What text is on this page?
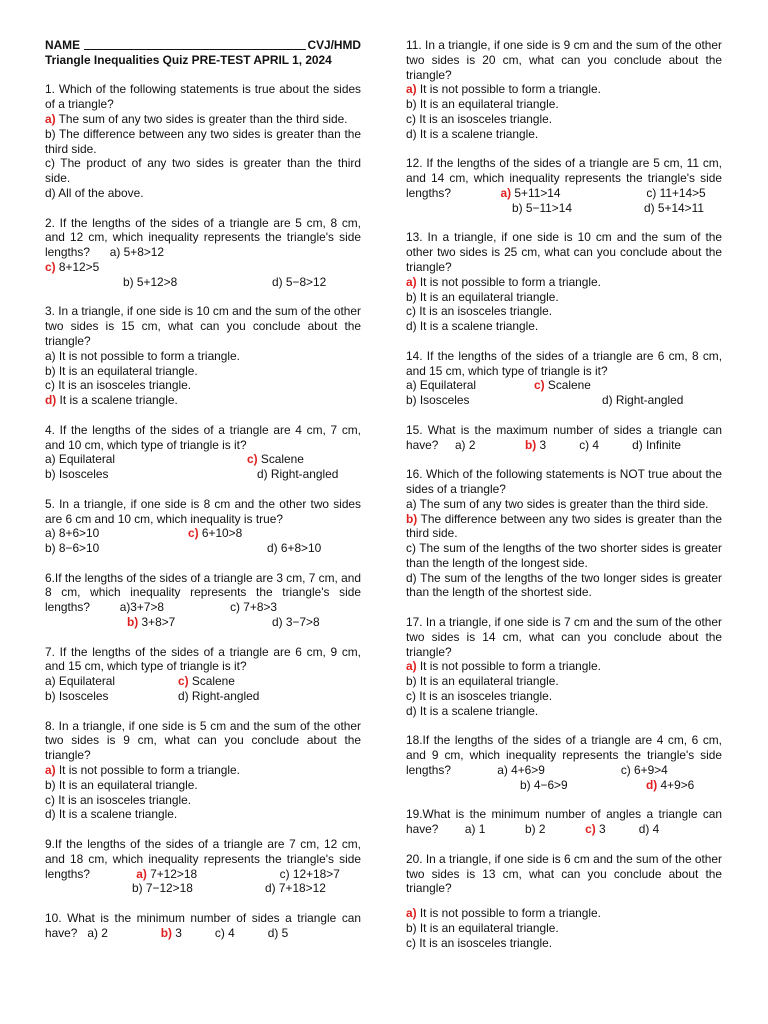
NAME	CVJ/HMD
Triangle Inequalities Quiz PRE-TEST APRIL 1, 2024
1. Which of the following statements is true about the sides of a triangle?
a) The sum of any two sides is greater than the third side.
b) The difference between any two sides is greater than the third side.
c) The product of any two sides is greater than the third side.
d) All of the above.
2. If the lengths of the sides of a triangle are 5 cm, 8 cm, and 12 cm, which inequality represents the triangle's side lengths? a) 5+8>12
c) 8+12>5
b) 5+12>8	d) 5−8>12
3. In a triangle, if one side is 10 cm and the sum of the other two sides is 15 cm, what can you conclude about the triangle?
a) It is not possible to form a triangle.
b) It is an equilateral triangle.
c) It is an isosceles triangle.
d) It is a scalene triangle.
4. If the lengths of the sides of a triangle are 4 cm, 7 cm, and 10 cm, which type of triangle is it?
a) Equilateral	c) Scalene
b) Isosceles	d) Right-angled
5. In a triangle, if one side is 8 cm and the other two sides are 6 cm and 10 cm, which inequality is true?
a) 8+6>10	c) 6+10>8
b) 8−6>10	d) 6+8>10
6.If the lengths of the sides of a triangle are 3 cm, 7 cm, and 8 cm, which inequality represents the triangle's side lengths? a)3+7>8	c) 7+8>3
b) 3+8>7	d) 3−7>8
7. If the lengths of the sides of a triangle are 6 cm, 9 cm, and 15 cm, which type of triangle is it?
a) Equilateral	c) Scalene
b) Isosceles	d) Right-angled
8. In a triangle, if one side is 5 cm and the sum of the other two sides is 9 cm, what can you conclude about the triangle?
a) It is not possible to form a triangle.
b) It is an equilateral triangle.
c) It is an isosceles triangle.
d) It is a scalene triangle.
9.If the lengths of the sides of a triangle are 7 cm, 12 cm, and 18 cm, which inequality represents the triangle's side lengths?	a) 7+12>18	c) 12+18>7
b) 7−12>18	d) 7+18>12
10. What is the minimum number of sides a triangle can have? a) 2	b) 3	c) 4	d) 5
11. In a triangle, if one side is 9 cm and the sum of the other two sides is 20 cm, what can you conclude about the triangle?
a) It is not possible to form a triangle.
b) It is an equilateral triangle.
c) It is an isosceles triangle.
d) It is a scalene triangle.
12. If the lengths of the sides of a triangle are 5 cm, 11 cm, and 14 cm, which inequality represents the triangle's side lengths?	a) 5+11>14	c) 11+14>5
b) 5−11>14	d) 5+14>11
13. In a triangle, if one side is 10 cm and the sum of the other two sides is 25 cm, what can you conclude about the triangle?
a) It is not possible to form a triangle.
b) It is an equilateral triangle.
c) It is an isosceles triangle.
d) It is a scalene triangle.
14. If the lengths of the sides of a triangle are 6 cm, 8 cm, and 15 cm, which type of triangle is it?
a) Equilateral	c) Scalene
b) Isosceles	d) Right-angled
15. What is the maximum number of sides a triangle can have? a) 2	b) 3	c) 4	d) Infinite
16. Which of the following statements is NOT true about the sides of a triangle?
a) The sum of any two sides is greater than the third side.
b) The difference between any two sides is greater than the third side.
c) The sum of the lengths of the two shorter sides is greater than the length of the longest side.
d) The sum of the lengths of the two longer sides is greater than the length of the shortest side.
17. In a triangle, if one side is 7 cm and the sum of the other two sides is 14 cm, what can you conclude about the triangle?
a) It is not possible to form a triangle.
b) It is an equilateral triangle.
c) It is an isosceles triangle.
d) It is a scalene triangle.
18.If the lengths of the sides of a triangle are 4 cm, 6 cm, and 9 cm, which inequality represents the triangle's side lengths?	a) 4+6>9	c) 6+9>4
b) 4−6>9	d) 4+9>6
19.What is the minimum number of angles a triangle can have? a) 1	b) 2	c) 3	d) 4
20. In a triangle, if one side is 6 cm and the sum of the other two sides is 13 cm, what can you conclude about the triangle?
a) It is not possible to form a triangle.
b) It is an equilateral triangle.
c) It is an isosceles triangle.
